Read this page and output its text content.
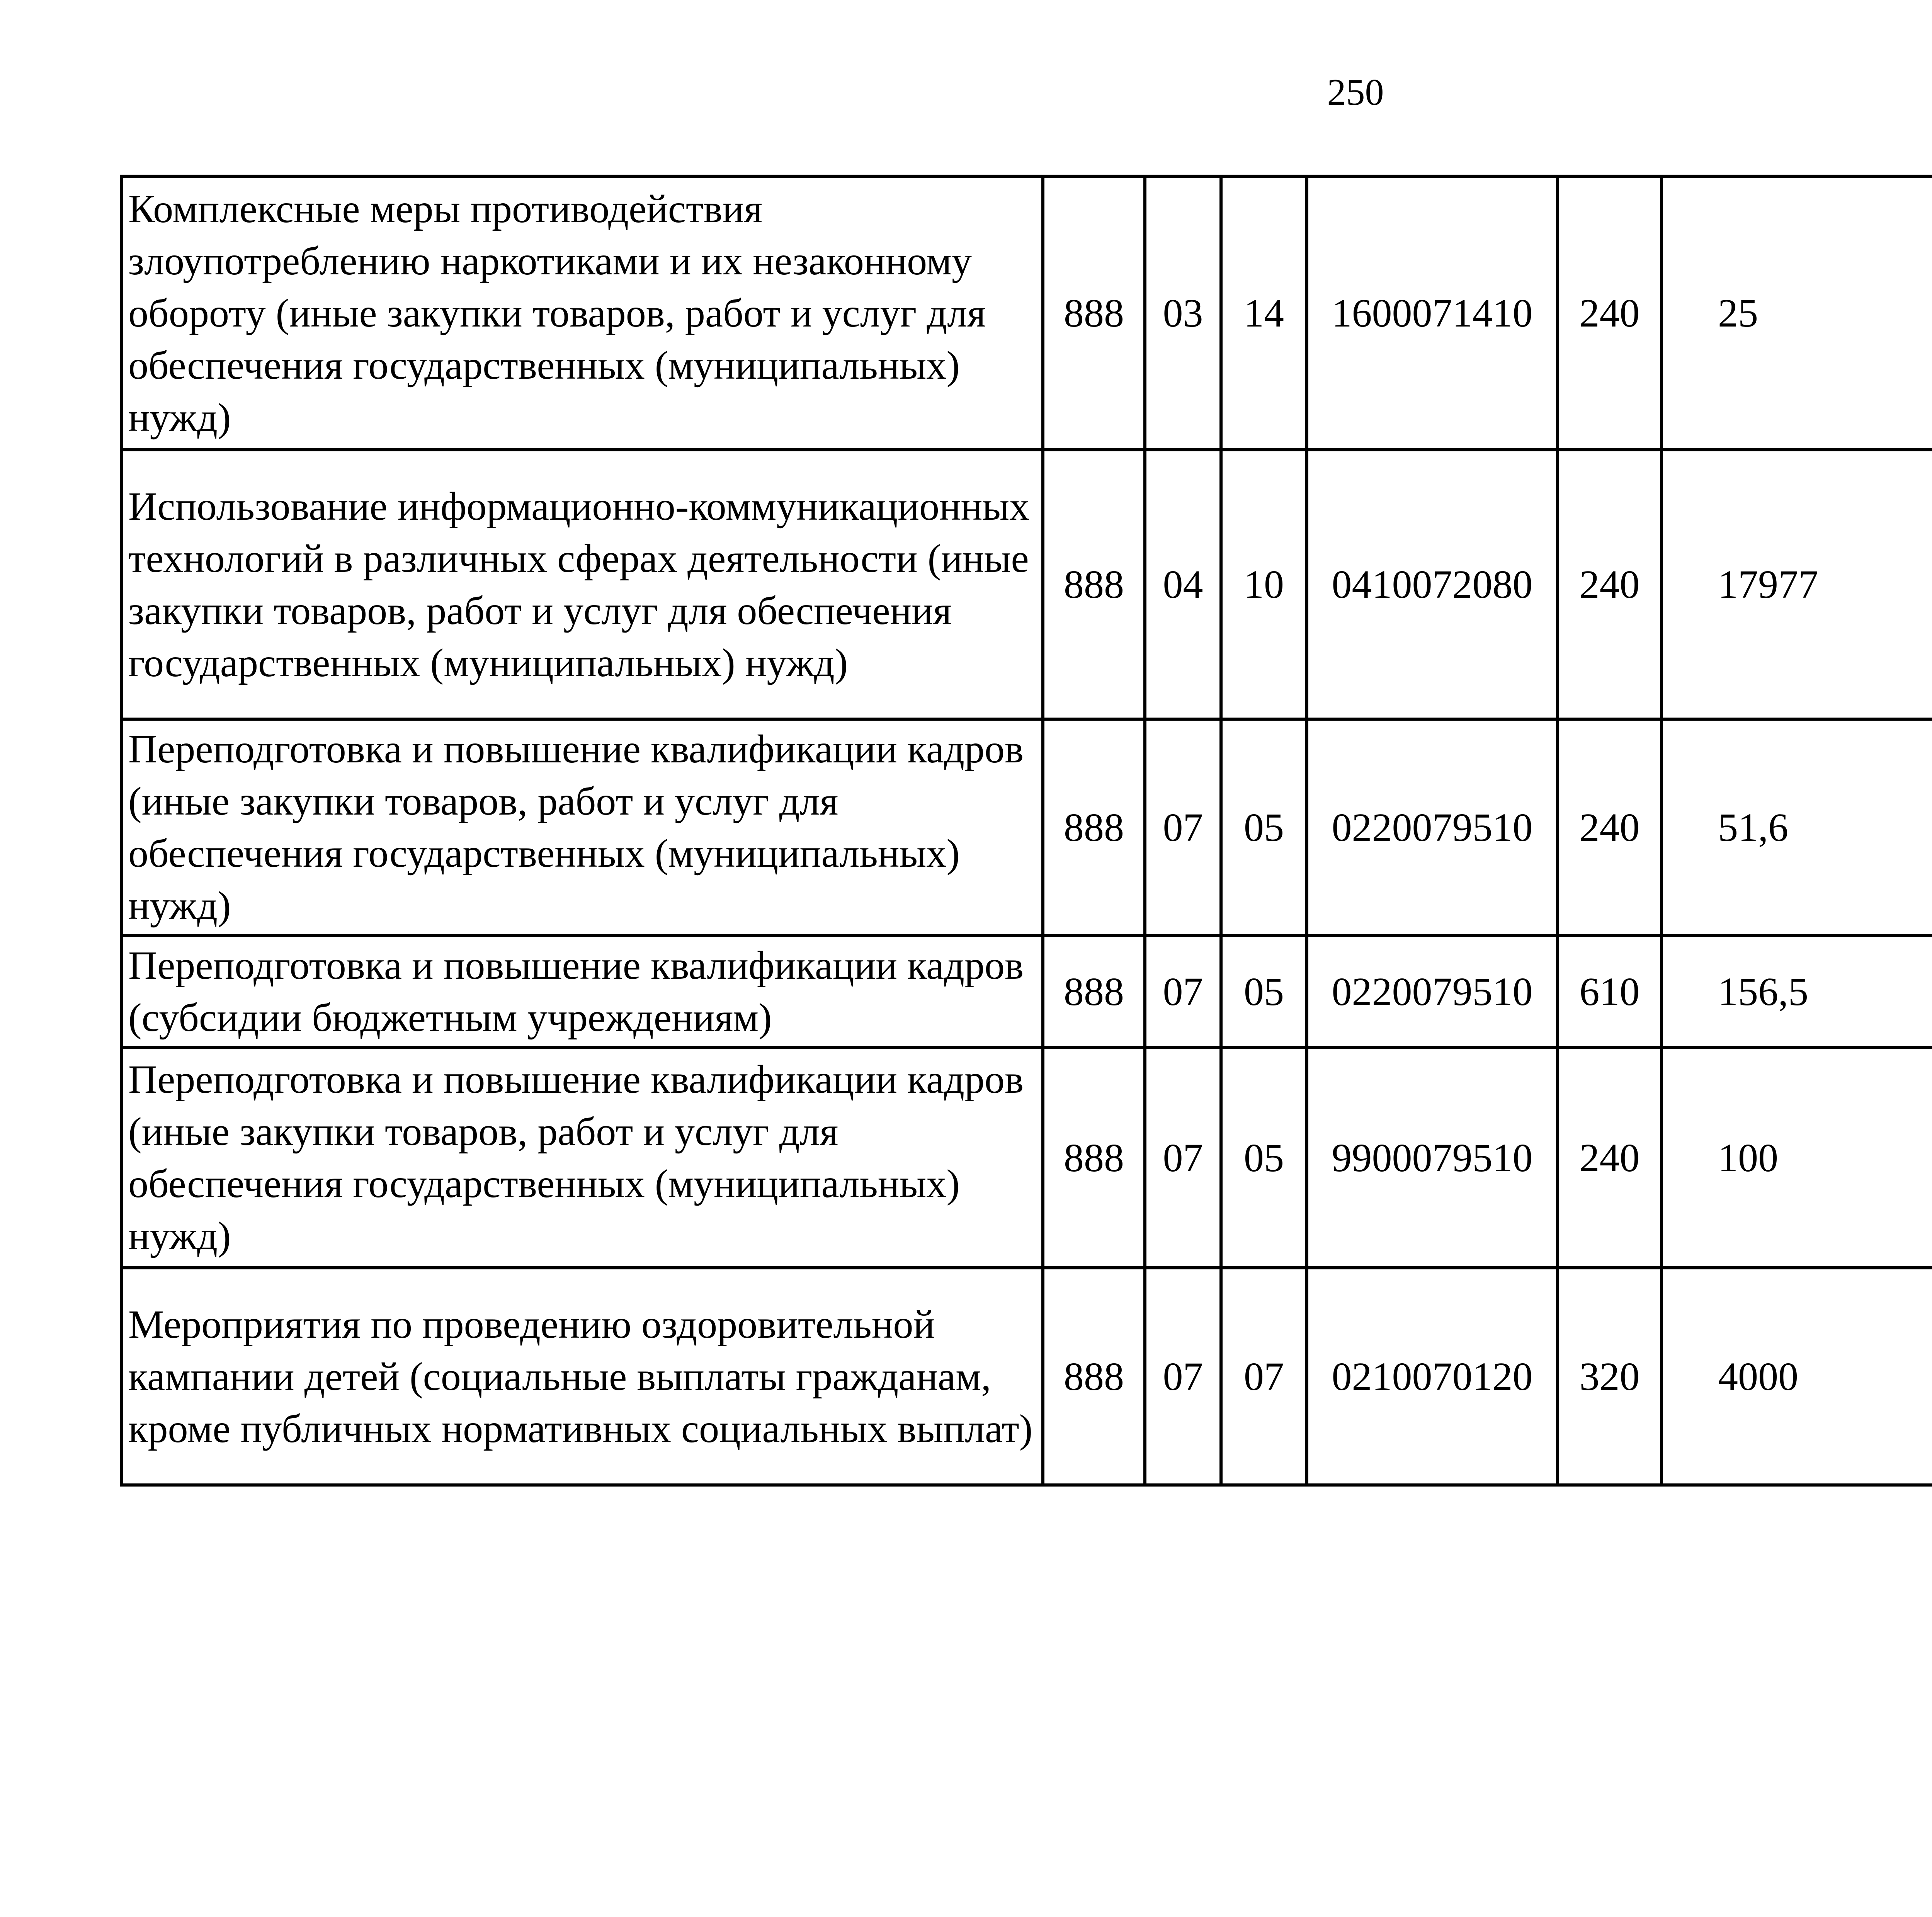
250
Комплексные меры противодействия злоупотреблению наркотиками и их незаконному обороту (иные закупки товаров, работ и услуг для обеспечения государственных (муниципальных) нужд)	888	03	14	1600071410	240	25		
Использование информационно-коммуникационных технологий в различных сферах деятельности (иные закупки товаров, работ и услуг для обеспечения государственных (муниципальных) нужд)	888	04	10	0410072080	240	17977		
Переподготовка и повышение квалификации кадров (иные закупки товаров, работ и услуг для обеспечения государственных (муниципальных) нужд)	888	07	05	0220079510	240	51,6		
Переподготовка и повышение квалификации кадров (субсидии бюджетным учреждениям)	888	07	05	0220079510	610	156,5		
Переподготовка и повышение квалификации кадров (иные закупки товаров, работ и услуг для обеспечения государственных (муниципальных) нужд)	888	07	05	9900079510	240	100		
Мероприятия по проведению оздоровительной кампании детей (социальные выплаты гражданам, кроме публичных нормативных социальных выплат)	888	07	07	0210070120	320	4000		
